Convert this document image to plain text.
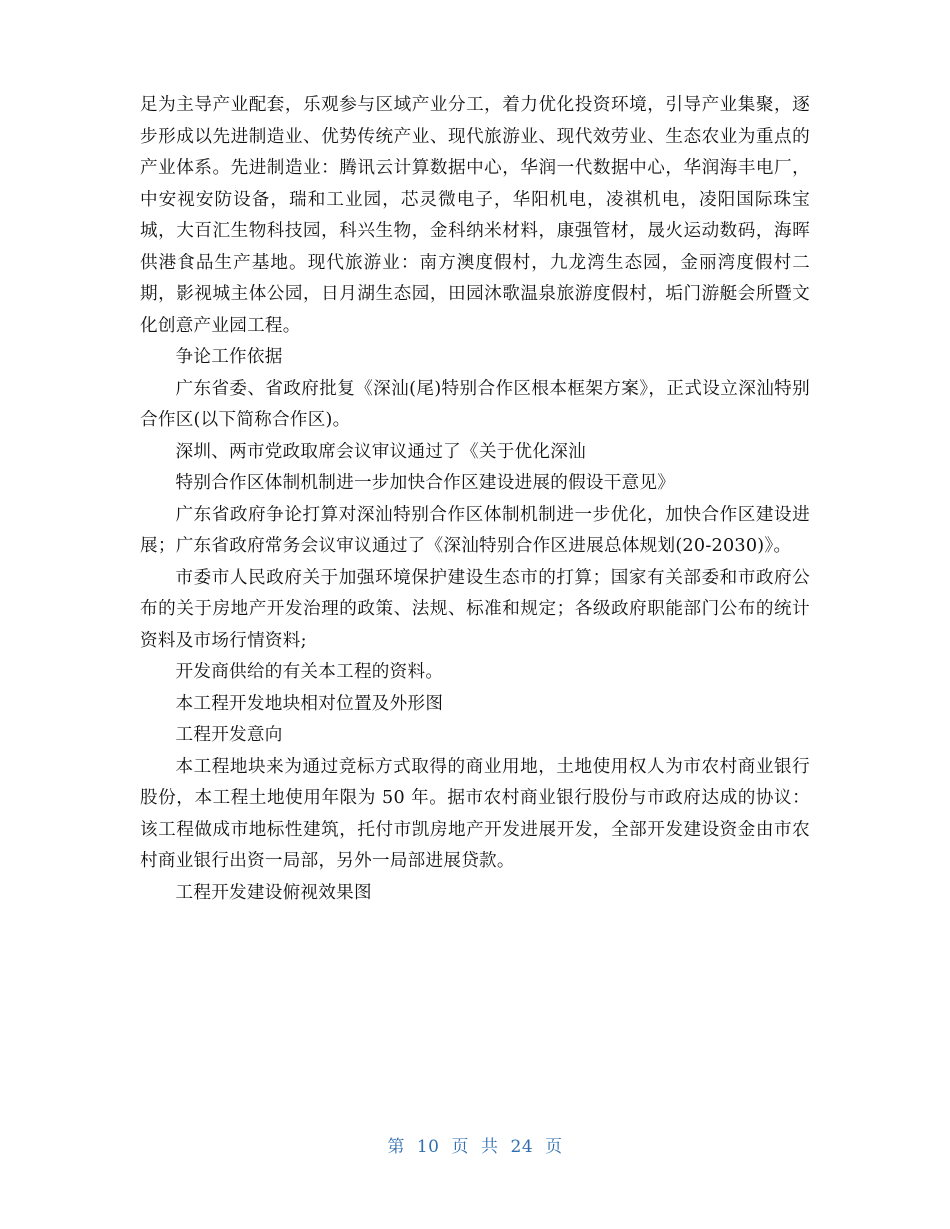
足为主导产业配套，乐观参与区域产业分工，着力优化投资环境，引导产业集聚，逐步形成以先进制造业、优势传统产业、现代旅游业、现代效劳业、生态农业为重点的产业体系。先进制造业：腾讯云计算数据中心，华润一代数据中心，华润海丰电厂，中安视安防设备，瑞和工业园，芯灵微电子，华阳机电，凌祺机电，凌阳国际珠宝城，大百汇生物科技园，科兴生物，金科纳米材料，康强管材，晟火运动数码，海晖供港食品生产基地。现代旅游业：南方澳度假村，九龙湾生态园，金丽湾度假村二期，影视城主体公园，日月湖生态园，田园沐歌温泉旅游度假村，垢门游艇会所暨文化创意产业园工程。

争论工作依据

广东省委、省政府批复《深汕(尾)特别合作区根本框架方案》，正式设立深汕特别合作区(以下简称合作区)。

深圳、两市党政取席会议审议通过了《关于优化深汕

特别合作区体制机制进一步加快合作区建设进展的假设干意见》

广东省政府争论打算对深汕特别合作区体制机制进一步优化，加快合作区建设进展；广东省政府常务会议审议通过了《深汕特别合作区进展总体规划(20-2030)》。

市委市人民政府关于加强环境保护建设生态市的打算；国家有关部委和市政府公布的关于房地产开发治理的政策、法规、标准和规定；各级政府职能部门公布的统计资料及市场行情资料;

开发商供给的有关本工程的资料。

本工程开发地块相对位置及外形图

工程开发意向

本工程地块来为通过竞标方式取得的商业用地，土地使用权人为市农村商业银行股份，本工程土地使用年限为 50 年。据市农村商业银行股份与市政府达成的协议：该工程做成市地标性建筑，托付市凯房地产开发进展开发，全部开发建设资金由市农村商业银行出资一局部，另外一局部进展贷款。

工程开发建设俯视效果图

第 10 页 共 24 页
